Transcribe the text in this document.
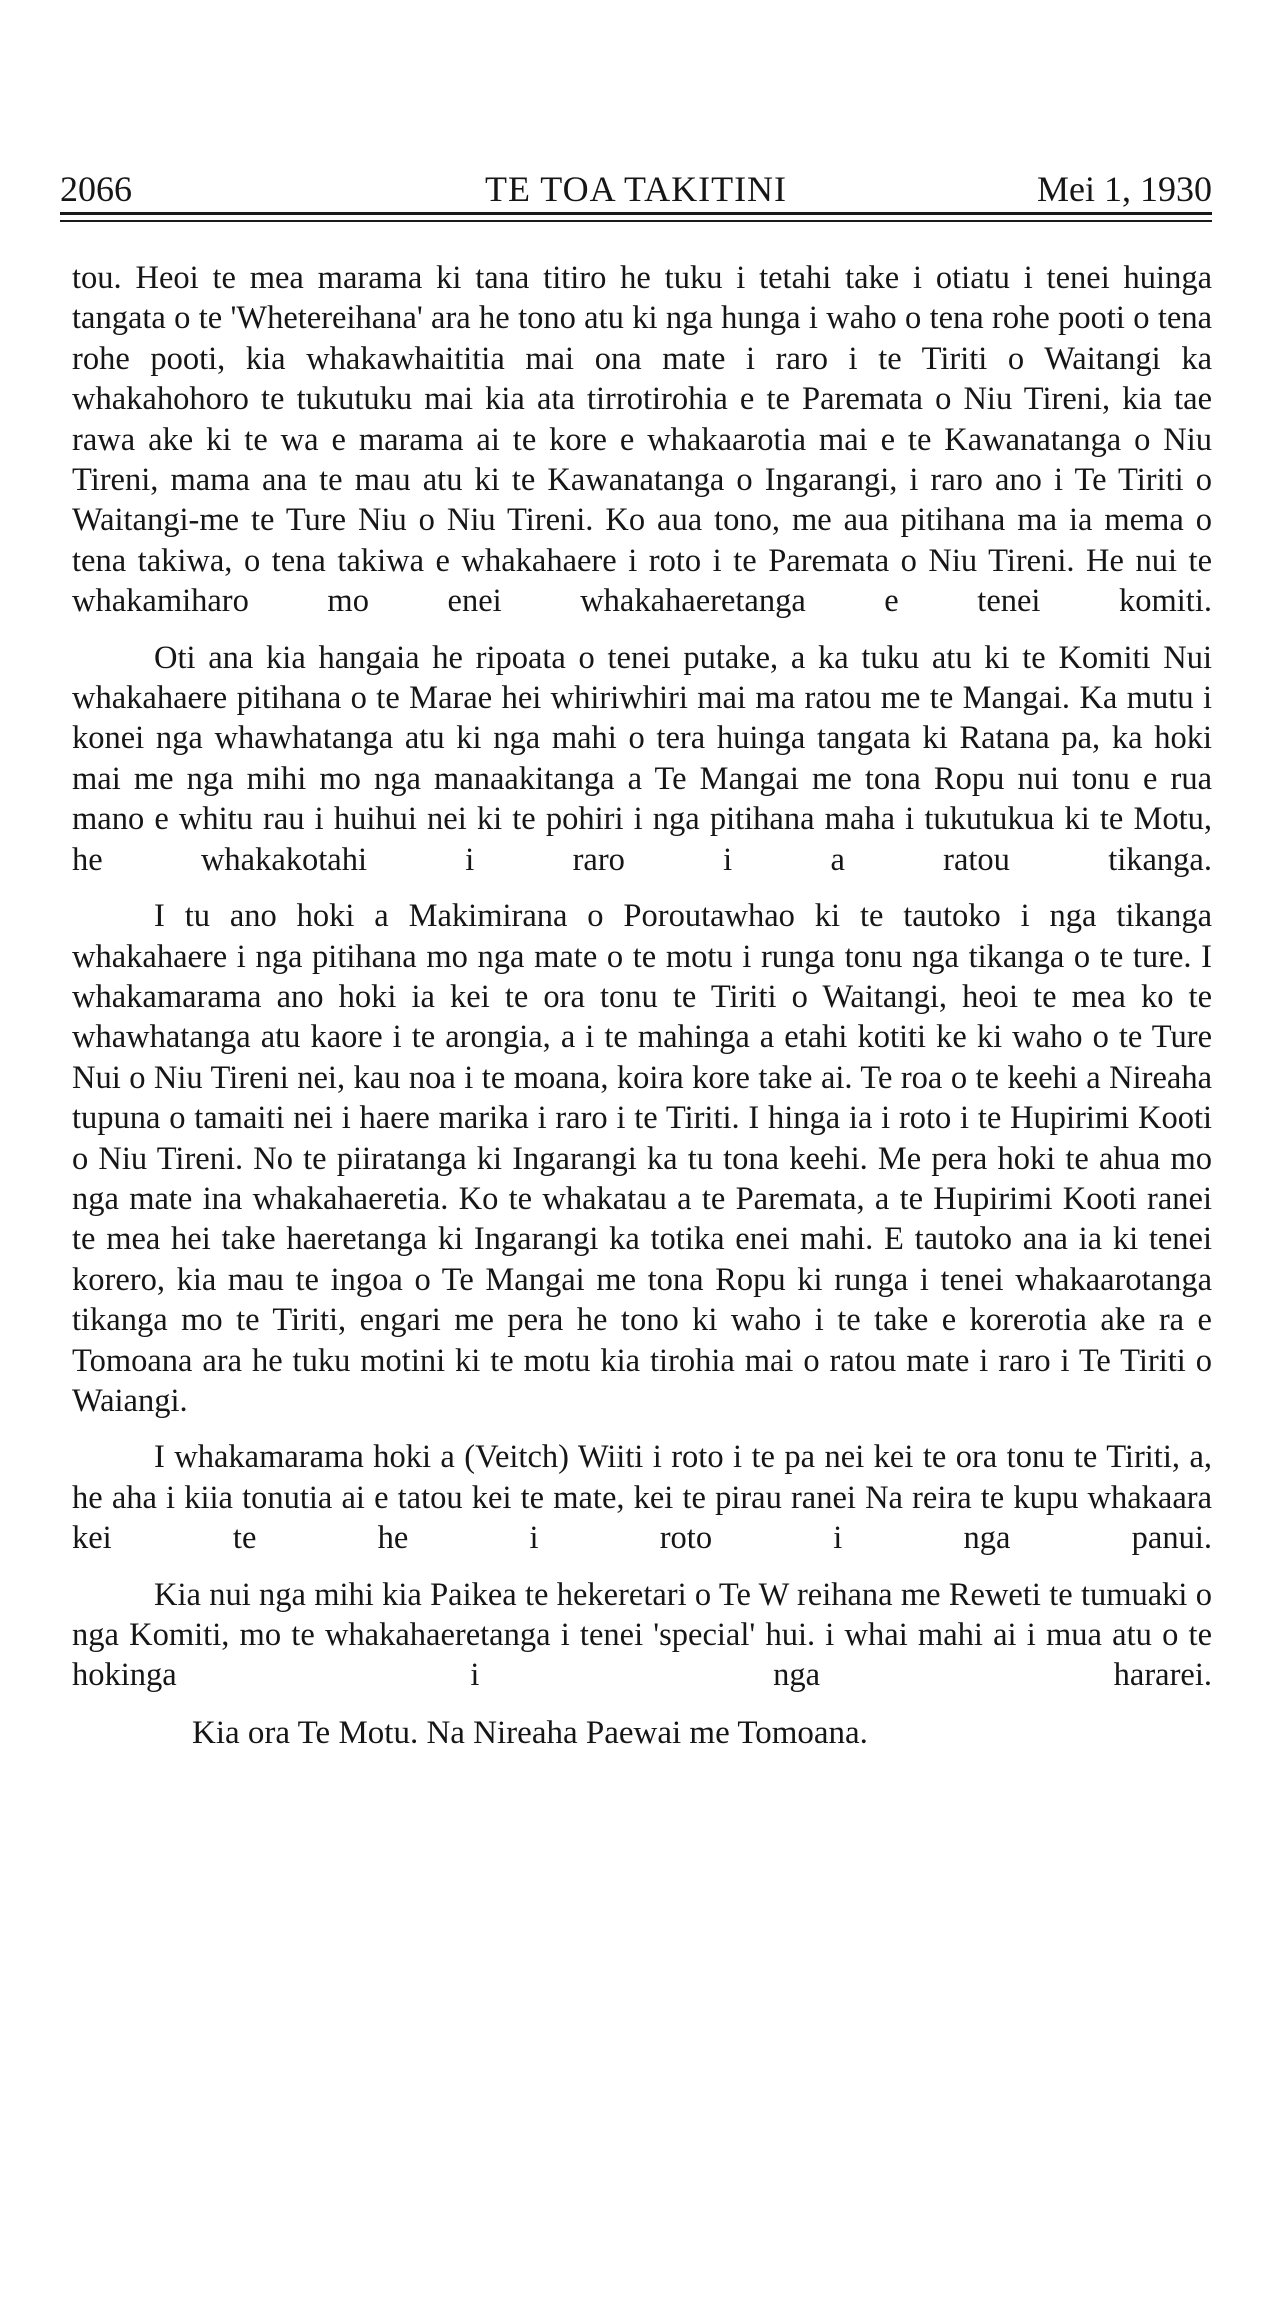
2066	TE TOA TAKITINI	Mei 1, 1930

tou. Heoi te mea marama ki tana titiro he tuku i tetahi take i otiatu i tenei huinga tangata o te 'Whetereihana' ara he tono atu ki nga hunga i waho o tena rohe pooti o tena rohe pooti, kia whakawhaititia mai ona mate i raro i te Tiriti o Waitangi ka whakahohoro te tukutuku mai kia ata tirrotirohia e te Paremata o Niu Tireni, kia tae rawa ake ki te wa e marama ai te kore e whakaarotia mai e te Kawanatanga o Niu Tireni, mama ana te mau atu ki te Kawanatanga o Ingarangi, i raro ano i Te Tiriti o Waitangi-me te Ture Niu o Niu Tireni. Ko aua tono, me aua pitihana ma ia mema o tena takiwa, o tena takiwa e whakahaere i roto i te Paremata o Niu Tireni. He nui te whakamiharo mo enei whakahaeretanga e tenei komiti.

Oti ana kia hangaia he ripoata o tenei putake, a ka tuku atu ki te Komiti Nui whakahaere pitihana o te Marae hei whiriwhiri mai ma ratou me te Mangai. Ka mutu i konei nga whawhatanga atu ki nga mahi o tera huinga tangata ki Ratana pa, ka hoki mai me nga mihi mo nga manaakitanga a Te Mangai me tona Ropu nui tonu e rua mano e whitu rau i huihui nei ki te pohiri i nga pitihana maha i tukutukua ki te Motu, he whakakotahi i raro i a ratou tikanga.

I tu ano hoki a Makimirana o Poroutawhao ki te tautoko i nga tikanga whakahaere i nga pitihana mo nga mate o te motu i runga tonu nga tikanga o te ture. I whakamarama ano hoki ia kei te ora tonu te Tiriti o Waitangi, heoi te mea ko te whawhatanga atu kaore i te arongia, a i te mahinga a etahi kotiti ke ki waho o te Ture Nui o Niu Tireni nei, kau noa i te moana, koira kore take ai. Te roa o te keehi a Nireaha tupuna o tamaiti nei i haere marika i raro i te Tiriti. I hinga ia i roto i te Hupirimi Kooti o Niu Tireni. No te piiratanga ki Ingarangi ka tu tona keehi. Me pera hoki te ahua mo nga mate ina whakahaeretia. Ko te whakatau a te Paremata, a te Hupirimi Kooti ranei te mea hei take haeretanga ki Ingarangi ka totika enei mahi. E tautoko ana ia ki tenei korero, kia mau te ingoa o Te Mangai me tona Ropu ki runga i tenei whakaarotanga tikanga mo te Tiriti, engari me pera he tono ki waho i te take e korerotia ake ra e Tomoana ara he tuku motini ki te motu kia tirohia mai o ratou mate i raro i Te Tiriti o Waiangi.

I whakamarama hoki a (Veitch) Wiiti i roto i te pa nei kei te ora tonu te Tiriti, a, he aha i kiia tonutia ai e tatou kei te mate, kei te pirau ranei Na reira te kupu whakaara kei te he i roto i nga panui.

Kia nui nga mihi kia Paikea te hekeretari o Te W reihana me Reweti te tumuaki o nga Komiti, mo te whakahaeretanga i tenei 'special' hui. i whai mahi ai i mua atu o te hokinga i nga hararei.

Kia ora Te Motu. Na Nireaha Paewai me Tomoana.
